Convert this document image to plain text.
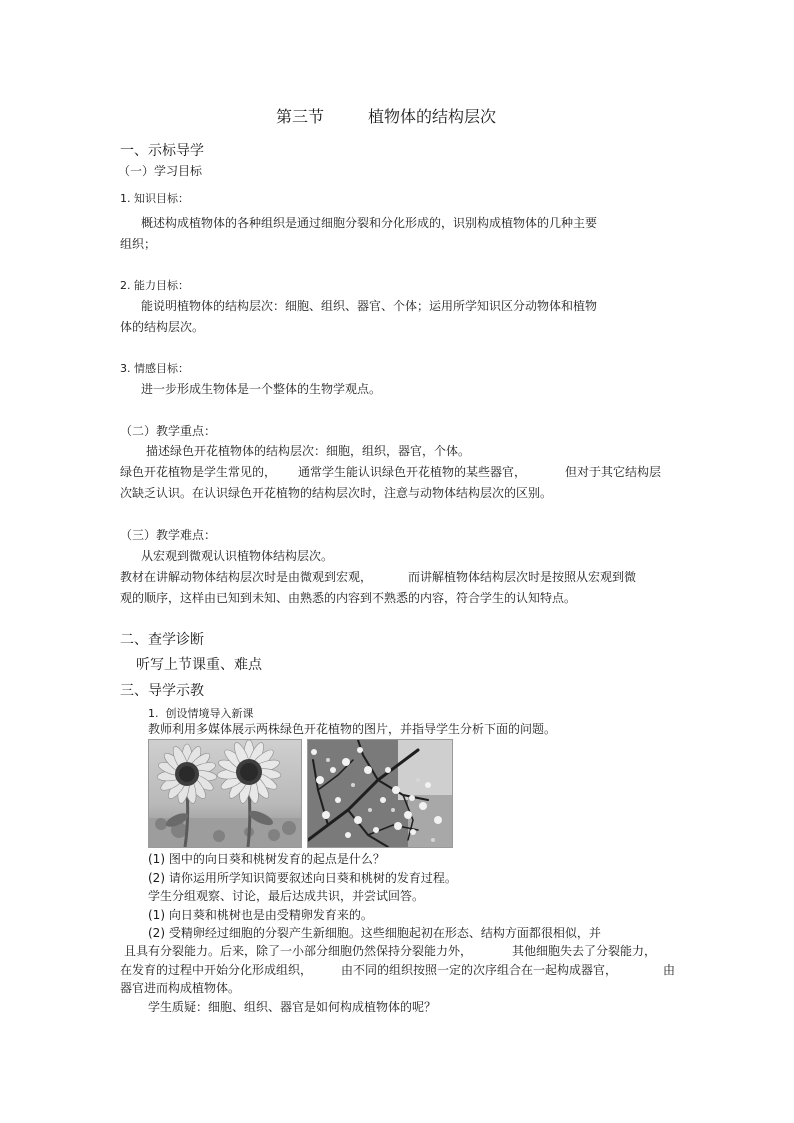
第三节	植物体的结构层次
一、示标导学
（一）学习目标
1. 知识目标：
概述构成植物体的各种组织是通过细胞分裂和分化形成的，识别构成植物体的几种主要
组织；
2. 能力目标：
能说明植物体的结构层次：细胞、组织、器官、个体；运用所学知识区分动物体和植物
体的结构层次。
3. 情感目标：
进一步形成生物体是一个整体的生物学观点。
（二）教学重点：
描述绿色开花植物体的结构层次：细胞，组织，器官，个体。
绿色开花植物是学生常见的， 通常学生能认识绿色开花植物的某些器官，	但对于其它结构层
次缺乏认识。在认识绿色开花植物的结构层次时，注意与动物体结构层次的区别。
（三）教学难点：
从宏观到微观认识植物体结构层次。
教材在讲解动物体结构层次时是由微观到宏观，	而讲解植物体结构层次时是按照从宏观到微
观的顺序，这样由已知到未知、由熟悉的内容到不熟悉的内容，符合学生的认知特点。
二、查学诊断
听写上节课重、难点
三、导学示教
1.  创设情境导入新课
教师利用多媒体展示两株绿色开花植物的图片，并指导学生分析下面的问题。
(1) 图中的向日葵和桃树发育的起点是什么？
(2) 请你运用所学知识简要叙述向日葵和桃树的发育过程。
学生分组观察、讨论，最后达成共识，并尝试回答。
(1) 向日葵和桃树也是由受精卵发育来的。
(2) 受精卵经过细胞的分裂产生新细胞。这些细胞起初在形态、结构方面都很相似，并
且具有分裂能力。后来，除了一小部分细胞仍然保持分裂能力外，	其他细胞失去了分裂能力，
在发育的过程中开始分化形成组织， 由不同的组织按照一定的次序组合在一起构成器官，	由
器官进而构成植物体。
学生质疑：细胞、组织、器官是如何构成植物体的呢？
